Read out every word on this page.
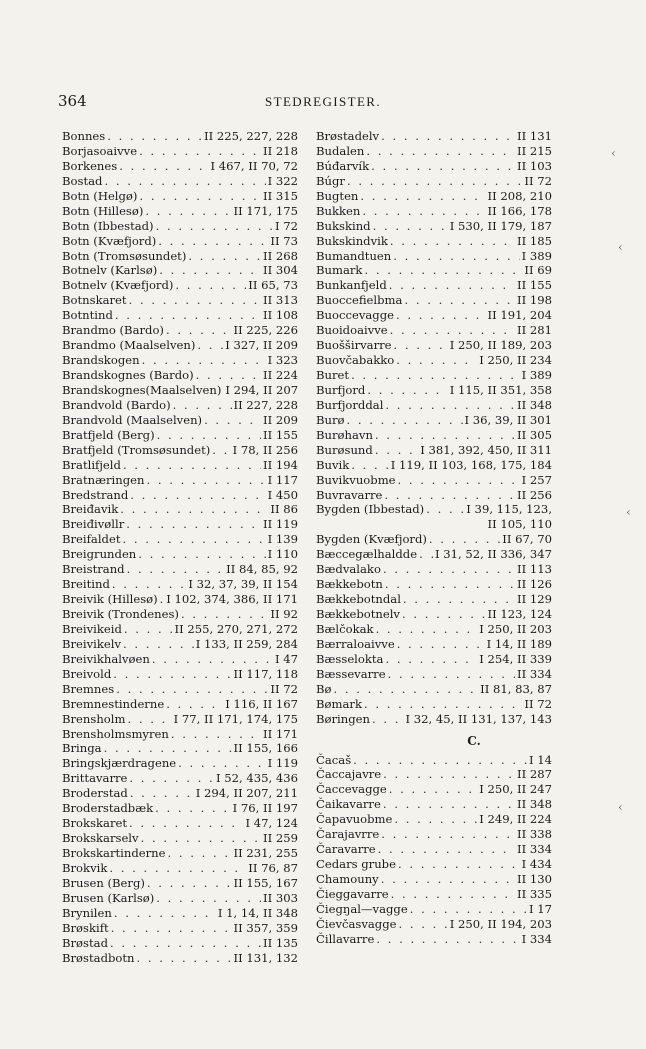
364	STEDREGISTER.
Bonnes . . .	II 225, 227, 228
Borjasoaivve . . .	II 218
Borkenes . . .	I 467, II 70, 72
Bostad . . .	I 322
Botn (Helgø) . . .	II 315
Botn (Hillesø) . . .	II 171, 175
Botn (Ibbestad) . . .	I 72
Botn (Kvæfjord) . . .	II 73
Botn (Tromsøsundet) . . .	II 268
Botnelv (Karlsø) . . .	II 304
Botnelv (Kvæfjord) . . .	II 65, 73
Botnskaret . . .	II 313
Botntind . . .	II 108
Brandmo (Bardo) . . .	II 225, 226
Brandmo (Maalselven) . . .	I 327, II 209
Brandskogen . . .	I 323
Brandskognes (Bardo) . . .	II 224
Brandskognes(Maalselven) I 294, II 207
Brandvold (Bardo) . . .	II 227, 228
Brandvold (Maalselven) . . .	II 209
Bratfjeld (Berg) . . .	II 155
Bratfjeld (Tromsøsundet) . . . I 78, II 256
Bratlifjeld . . .	II 194
Bratnæringen . . .	I 117
Bredstrand . . .	I 450
Breiđavik . . .	II 86
Breiđivøllr . . .	II 119
Breifaldet . . .	I 139
Breigrunden . . .	I 110
Breistrand . . .	II 84, 85, 92
Breitind . . .	I 32, 37, 39, II 154
Breivik (Hillesø) . . . I 102, 374, 386, II 171
Breivik (Trondenes) . . .	II 92
Breivikeid . . .	II 255, 270, 271, 272
Breivikelv . . .	I 133, II 259, 284
Breivikhalvøen . . .	I 47
Breivold . . .	II 117, 118
Bremnes . . .	II 72
Bremnestinderne . . .	I 116, II 167
Brensholm . . .	I 77, II 171, 174, 175
Brensholmsmyren . . .	II 171
Bringa . . .	II 155, 166
Bringskjærdragene . . .	I 119
Brittavarre . . .	I 52, 435, 436
Broderstad . . .	I 294, II 207, 211
Broderstadbæk . . .	I 76, II 197
Brokskaret . . .	I 47, 124
Brokskarselv . . .	II 259
Brokskartinderne . . .	II 231, 255
Brokvik . . .	II 76, 87
Brusen (Berg) . . .	II 155, 167
Brusen (Karlsø) . . .	II 303
Brynilen . . .	I 1, 14, II 348
Brøskift . . .	II 357, 359
Brøstad . . .	II 135
Brøstadbotn . . .	II 131, 132
Brøstadelv . . .	II 131
Budalen . . .	II 215
Búđarvík . . .	II 103
Búgr . . .	II 72
Bugten . . .	II 208, 210
Bukken . . .	II 166, 178
Bukskind . . .	I 530, II 179, 187
Bukskindvik . . .	II 185
Bumandtuen . . .	I 389
Bumark . . .	II 69
Bunkanfjeld . . .	II 155
Buoccefielbma . . .	II 198
Buoccevagge . . .	II 191, 204
Buoidoaivve . . .	II 281
Buošširvarre . . .	I 250, II 189, 203
Buovčabakko . . .	I 250, II 234
Buret . . .	I 389
Burfjord . . .	I 115, II 351, 358
Burfjorddal . . .	II 348
Burø . . .	I 36, 39, II 301
Burøhavn . . .	II 305
Burøsund . . .	I 381, 392, 450, II 311
Buvik . . .	I 119, II 103, 168, 175, 184
Buvikvuobme . . .	I 257
Buvravarre . . .	II 256
Bygden (Ibbestad) . . .	I 39, 115, 123,
II 105, 110
Bygden (Kvæfjord) . . .	II 67, 70
Bæccegælhaldde . . . I 31, 52, II 336, 347
Bædvalako . . .	II 113
Bækkebotn . . .	II 126
Bækkebotndal . . .	II 129
Bækkebotnelv . . .	II 123, 124
Bælčokak . . .	I 250, II 203
Bærraloaivve . . .	I 14, II 189
Bæsselokta . . .	I 254, II 339
Bæssevarre . . .	II 334
Bø . . .	II 81, 83, 87
Bømark . . .	II 72
Børingen . . .	I 32, 45, II 131, 137, 143
C.
Čacaš . . .	I 14
Čaccajavre . . .	II 287
Čaccevagge . . .	I 250, II 247
Čaikavarre . . .	II 348
Čapavuobme . . .	I 249, II 224
Čarajavrre . . .	II 338
Čaravarre . . .	II 334
Cedars grube . . .	I 434
Chamouny . . .	II 130
Čieggavarre . . .	II 335
Čiegŋal—vagge . . .	I 17
Čievčasvagge . . .	I 250, II 194, 203
Čillavarre . . .	I 334
‹
‹
‹
‹
